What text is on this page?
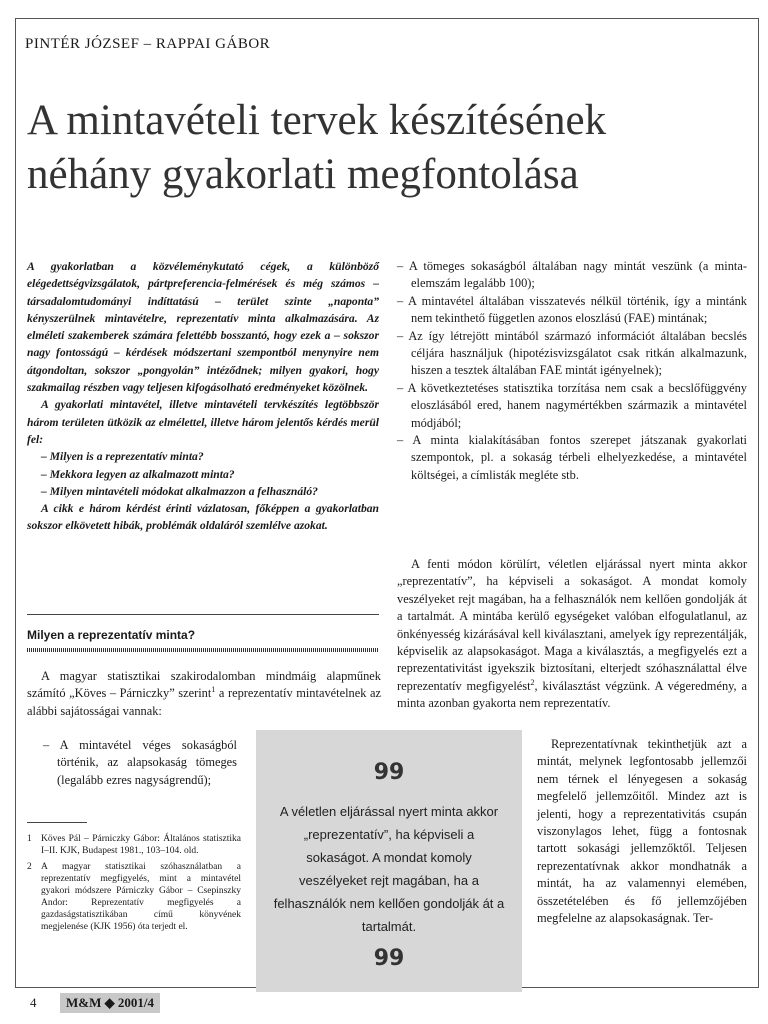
PINTÉR JÓZSEF – RAPPAI GÁBOR
A mintavételi tervek készítésének
néhány gyakorlati megfontolása

A gyakorlatban a közvéleménykutató cégek, a különböző elégedettségvizsgálatok, pártpreferencia-felmérések és még számos – társadalomtudományi indíttatású – terület szinte „naponta” kényszerülnek mintavételre, reprezentatív minta alkalmazására. Az elméleti szakemberek számára felettébb bosszantó, hogy ezek a – sokszor nagy fontosságú – kérdések módszertani szempontból menynyire nem átgondoltan, sokszor „pongyolán” intéződnek; milyen gyakori, hogy szakmailag részben vagy teljesen kifogásolható eredményeket közölnek.

A gyakorlati mintavétel, illetve mintavételi tervkészítés legtöbbször három területen ütközik az elmélettel, illetve három jelentős kérdés merül fel:

– Milyen is a reprezentatív minta?

– Mekkora legyen az alkalmazott minta?

– Milyen mintavételi módokat alkalmazzon a felhasználó?

A cikk e három kérdést érinti vázlatosan, főképpen a gyakorlatban sokszor elkövetett hibák, problémák oldaláról szemlélve azokat.

Milyen a reprezentatív minta?

A magyar statisztikai szakirodalomban mindmáig alapműnek számító „Köves – Párniczky” szerint$^1$ a reprezentatív mintavételnek az alábbi sajátosságai vannak:

– A mintavétel véges sokaságból történik, az alapsokaság tömeges (legalább ezres nagyságrendű);

1 Köves Pál – Párniczky Gábor: Általános statisztika I–II. KJK, Budapest 1981., 103–104. old.
2 A magyar statisztikai szóhasználatban a reprezentatív megfigyelés, mint a mintavétel gyakori módszere Párniczky Gábor – Csepinszky Andor: Reprezentatív megfigyelés a gazdaságstatisztikában című könyvének megjelenése (KJK 1956) óta terjedt el.

– A tömeges sokaságból általában nagy mintát veszünk (a minta-elemszám legalább 100);

– A mintavétel általában visszatevés nélkül történik, így a mintánk nem tekinthető független azonos eloszlású (FAE) mintának;

– Az így létrejött mintából származó információt általában becslés céljára használjuk (hipotézisvizsgálatot csak ritkán alkalmazunk, hiszen a tesztek általában FAE mintát igényelnek);

– A következtetéses statisztika torzítása nem csak a becslőfüggvény eloszlásából ered, hanem nagymértékben származik a mintavétel módjából;

– A minta kialakításában fontos szerepet játszanak gyakorlati szempontok, pl. a sokaság térbeli elhelyezkedése, a mintavétel költségei, a címlisták megléte stb.

A fenti módon körülírt, véletlen eljárással nyert minta akkor „reprezentatív”, ha képviseli a sokaságot. A mondat komoly veszélyeket rejt magában, ha a felhasználók nem kellően gondolják át a tartalmát. A mintába kerülő egységeket valóban elfogulatlanul, az önkényesség kizárásával kell kiválasztani, amelyek így reprezentálják, képviselik az alapsokaságot. Maga a kiválasztás, a megfigyelés ezt a reprezentativitást igyekszik biztosítani, elterjedt szóhasználattal élve reprezentatív megfigyelést$^2$, kiválasztást végzünk. A végeredmény, a minta azonban gyakorta nem reprezentatív.

Reprezentatívnak tekinthetjük azt a mintát, melynek legfontosabb jellemzői nem térnek el lényegesen a sokaság megfelelő jellemzőitől. Mindez azt is jelenti, hogy a reprezentativitás csupán viszonylagos lehet, függ a fontosnak tartott sokasági jellemzőktől. Teljesen reprezentatívnak akkor mondhatnák a mintát, ha az valamennyi elemében, összetételében és fő jellemzőjében megfelelne az alapsokaságnak. Ter-

99
A véletlen eljárással nyert minta akkor „reprezentatív”, ha képviseli a sokaságot. A mondat komoly veszélyeket rejt magában, ha a felhasználók nem kellően gondolják át a tartalmát.
99
4	M&M ◆ 2001/4
